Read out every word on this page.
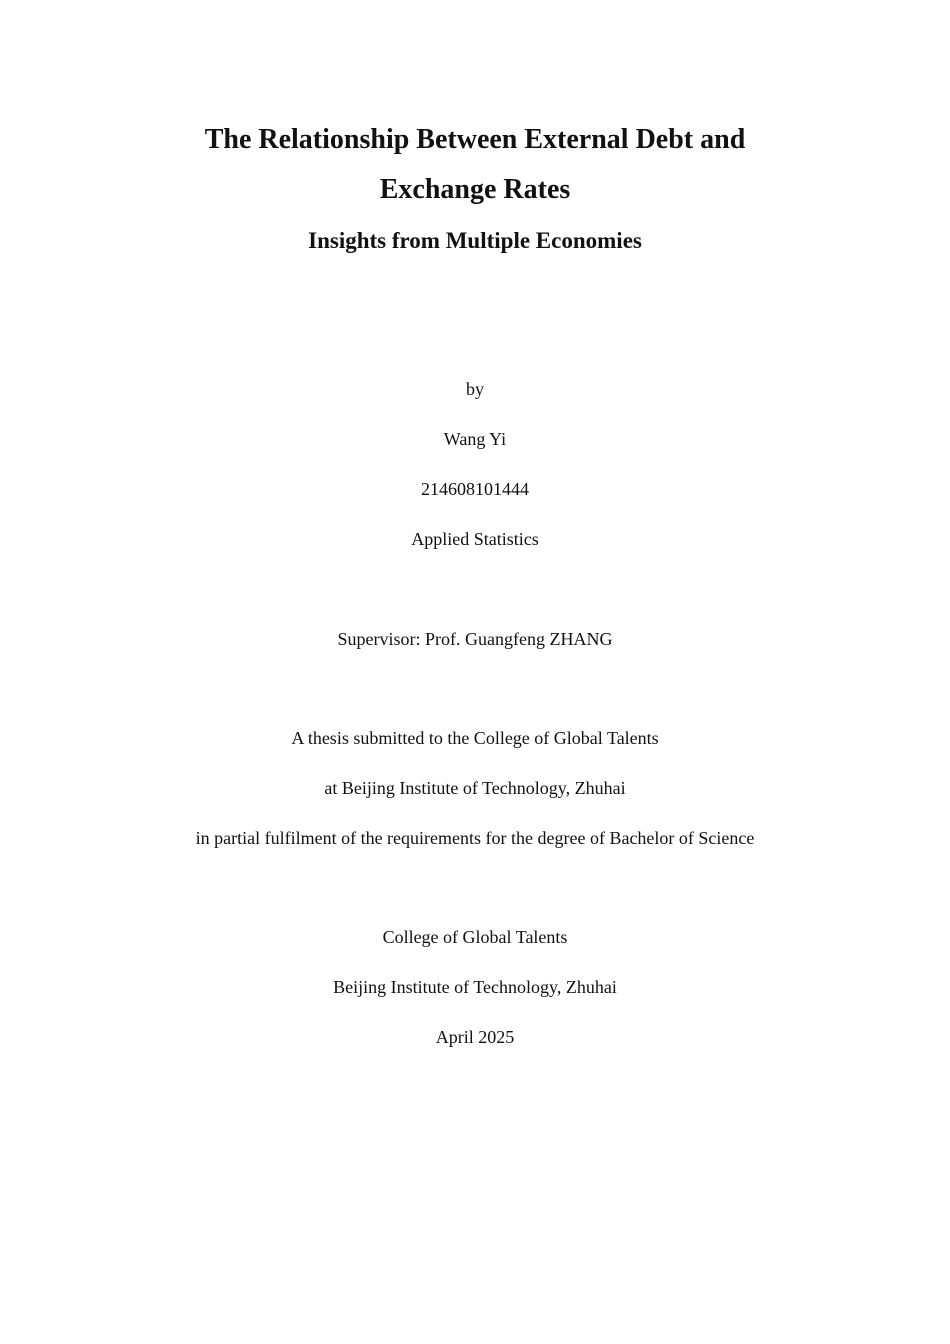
The Relationship Between External Debt and
Exchange Rates
Insights from Multiple Economies
by
Wang Yi
214608101444
Applied Statistics
Supervisor: Prof. Guangfeng ZHANG
A thesis submitted to the College of Global Talents
at Beijing Institute of Technology, Zhuhai
in partial fulfilment of the requirements for the degree of Bachelor of Science
College of Global Talents
Beijing Institute of Technology, Zhuhai
April 2025
